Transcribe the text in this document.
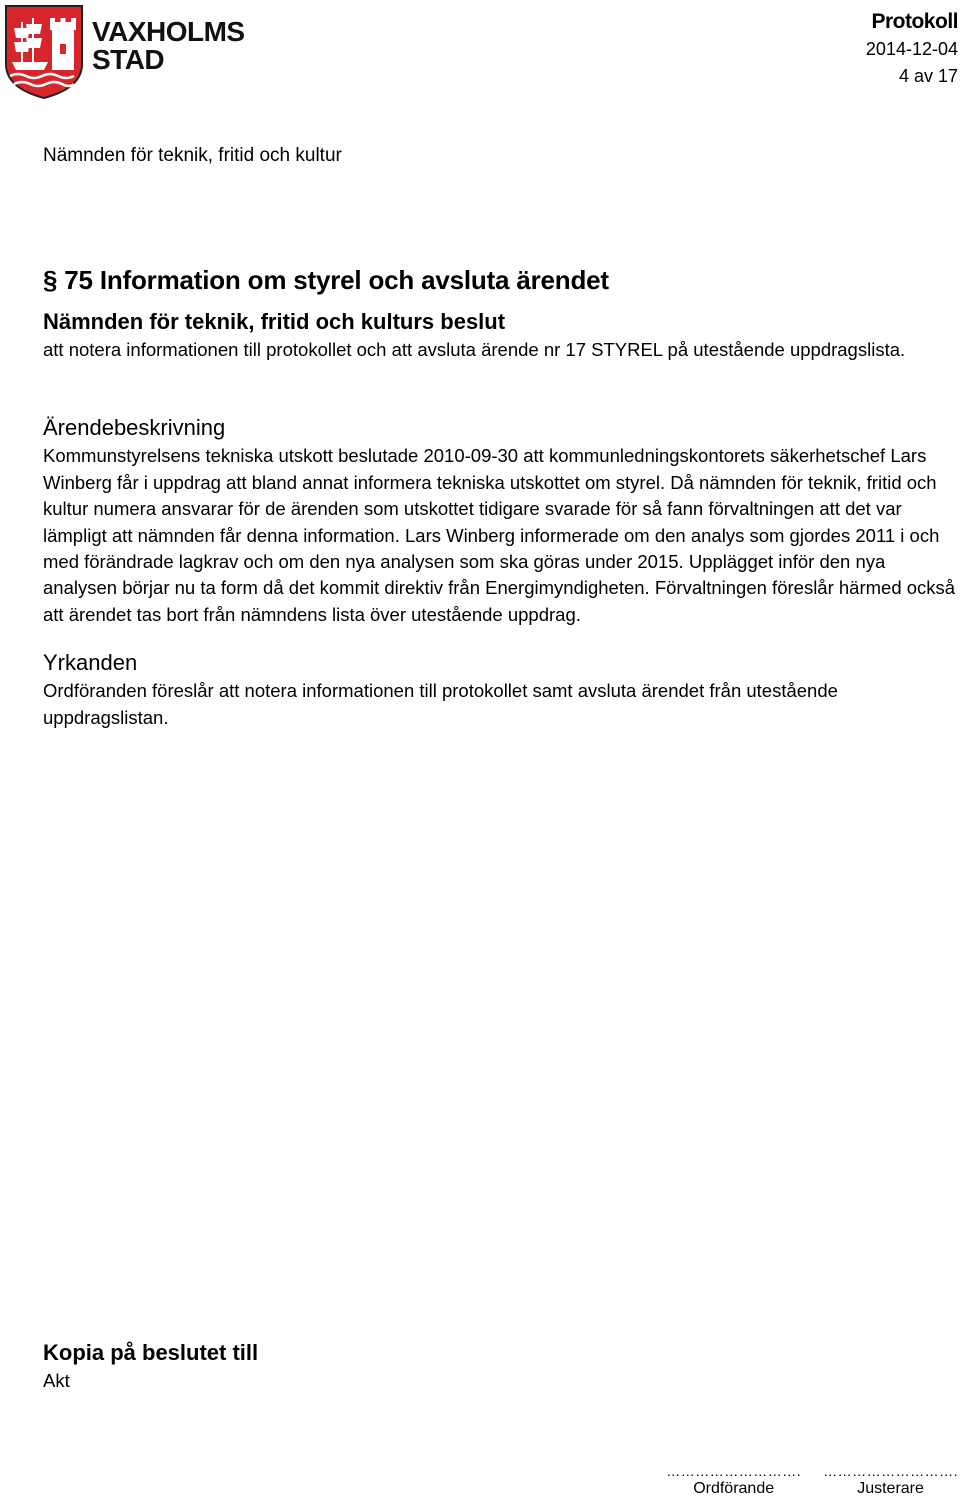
VAXHOLMS
STAD
Protokoll
2014-12-04
4 av 17
Nämnden för teknik, fritid och kultur
§ 75 Information om styrel och avsluta ärendet
Nämnden för teknik, fritid och kulturs beslut

att notera informationen till protokollet och att avsluta ärende nr 17 STYREL på utestående uppdragslista.

Ärendebeskrivning

Kommunstyrelsens tekniska utskott beslutade 2010-09-30 att kommunledningskontorets säkerhetschef Lars Winberg får i uppdrag att bland annat informera tekniska utskottet om styrel. Då nämnden för teknik, fritid och kultur numera ansvarar för de ärenden som utskottet tidigare svarade för så fann förvaltningen att det var lämpligt att nämnden får denna information. Lars Winberg informerade om den analys som gjordes 2011 i och med förändrade lagkrav och om den nya analysen som ska göras under 2015. Upplägget inför den nya analysen börjar nu ta form då det kommit direktiv från Energimyndigheten. Förvaltningen föreslår härmed också att ärendet tas bort från nämndens lista över utestående uppdrag.

Yrkanden

Ordföranden föreslår att notera informationen till protokollet samt avsluta ärendet från utestående uppdragslistan.

Kopia på beslutet till

Akt

……………………….
Ordförande
……………………….
Justerare
